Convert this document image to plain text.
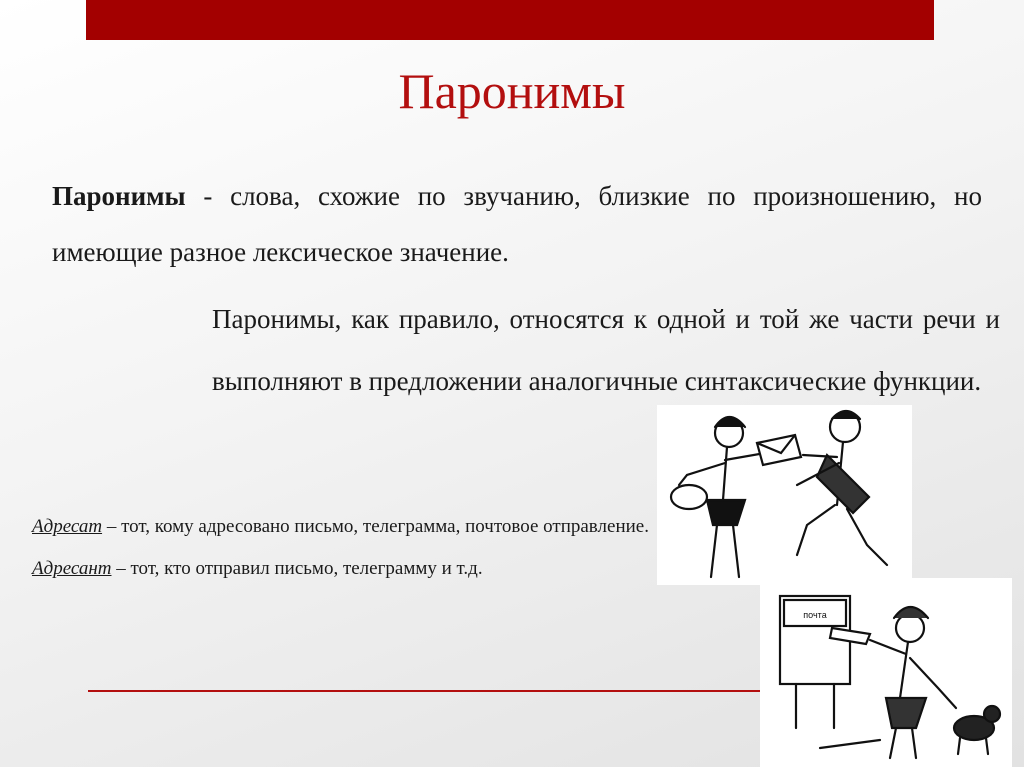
Паронимы
Паронимы - слова, схожие по звучанию, близкие по произношению, но имеющие разное лексическое значение.
Паронимы, как правило, относятся к одной и той же части речи и выполняют в предложении аналогичные синтаксические функции.

Адресат – тот, кому адресовано письмо, телеграмма, почтовое отправление.

Адресант – тот, кто отправил письмо, телеграмму и т.д.

почта
